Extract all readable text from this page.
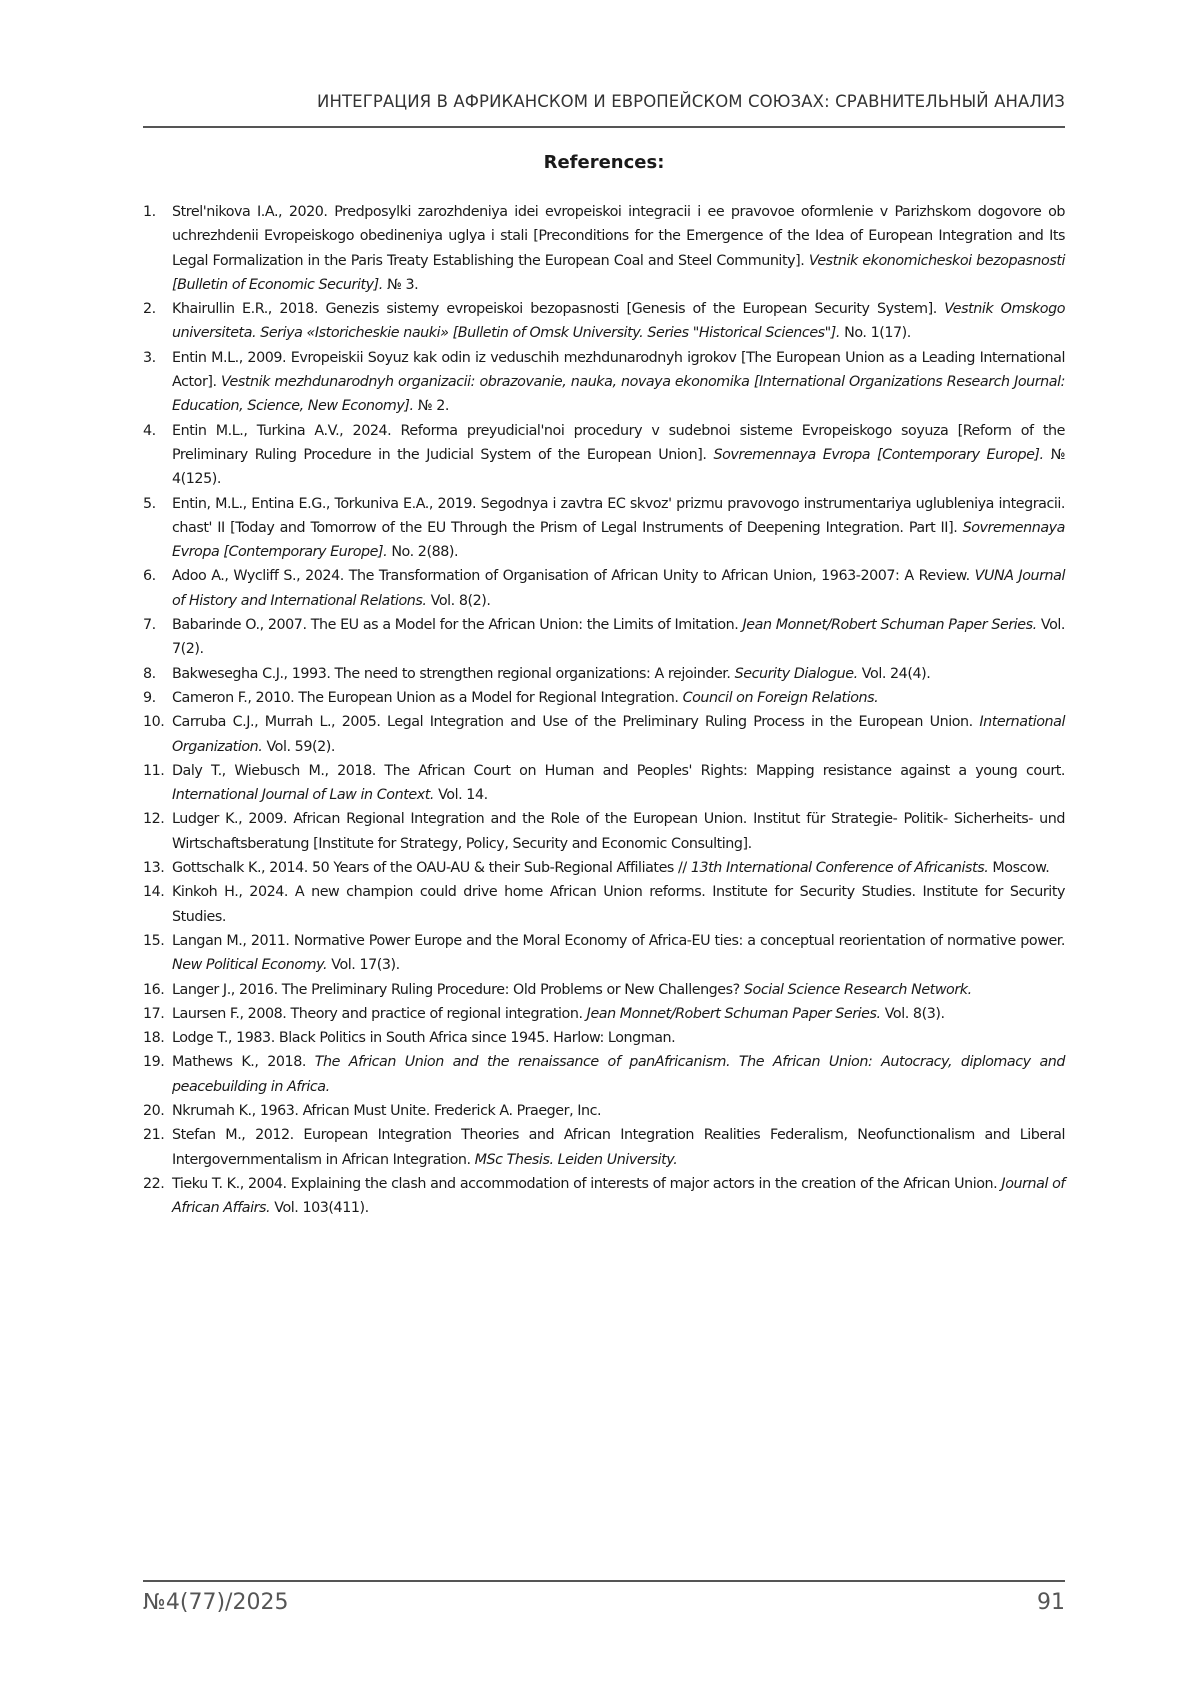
ИНТЕГРАЦИЯ В АФРИКАНСКОМ И ЕВРОПЕЙСКОМ СОЮЗАХ: СРАВНИТЕЛЬНЫЙ АНАЛИЗ
References:
1. Strel'nikova I.A., 2020. Predposylki zarozhdeniya idei evropeiskoi integracii i ee pravovoe oformlenie v Parizhskom dogovore ob uchrezhdenii Evropeiskogo obedineniya uglya i stali [Preconditions for the Emergence of the Idea of European Integration and Its Legal Formalization in the Paris Treaty Establishing the European Coal and Steel Community]. Vestnik ekonomicheskoi bezopasnosti [Bulletin of Economic Security]. № 3.
2. Khairullin E.R., 2018. Genezis sistemy evropeiskoi bezopasnosti [Genesis of the European Security System]. Vestnik Omskogo universiteta. Seriya «Istoricheskie nauki» [Bulletin of Omsk University. Series "Historical Sciences"]. No. 1(17).
3. Entin M.L., 2009. Evropeiskii Soyuz kak odin iz veduschih mezhdunarodnyh igrokov [The European Union as a Leading International Actor]. Vestnik mezhdunarodnyh organizacii: obrazovanie, nauka, novaya ekonomika [International Organizations Research Journal: Education, Science, New Economy]. № 2.
4. Entin M.L., Turkina A.V., 2024. Reforma preyudicial'noi procedury v sudebnoi sisteme Evropeiskogo soyuza [Reform of the Preliminary Ruling Procedure in the Judicial System of the European Union]. Sovremennaya Evropa [Contemporary Europe]. № 4(125).
5. Entin, M.L., Entina E.G., Torkuniva E.A., 2019. Segodnya i zavtra EC skvoz' prizmu pravovogo instrumentariya uglubleniya integracii. chast' II [Today and Tomorrow of the EU Through the Prism of Legal Instruments of Deepening Integration. Part II]. Sovremennaya Evropa [Contemporary Europe]. No. 2(88).
6. Adoo A., Wycliff S., 2024. The Transformation of Organisation of African Unity to African Union, 1963-2007: A Review. VUNA Journal of History and International Relations. Vol. 8(2).
7. Babarinde O., 2007. The EU as a Model for the African Union: the Limits of Imitation. Jean Monnet/Robert Schuman Paper Series. Vol. 7(2).
8. Bakwesegha C.J., 1993. The need to strengthen regional organizations: A rejoinder. Security Dialogue. Vol. 24(4).
9. Cameron F., 2010. The European Union as a Model for Regional Integration. Council on Foreign Relations.
10. Carruba C.J., Murrah L., 2005. Legal Integration and Use of the Preliminary Ruling Process in the European Union. International Organization. Vol. 59(2).
11. Daly T., Wiebusch M., 2018. The African Court on Human and Peoples' Rights: Mapping resistance against a young court. International Journal of Law in Context. Vol. 14.
12. Ludger K., 2009. African Regional Integration and the Role of the European Union. Institut für Strategie- Politik- Sicherheits- und Wirtschaftsberatung [Institute for Strategy, Policy, Security and Economic Consulting].
13. Gottschalk K., 2014. 50 Years of the OAU-AU & their Sub-Regional Affiliates // 13th International Conference of Africanists. Moscow.
14. Kinkoh H., 2024. A new champion could drive home African Union reforms. Institute for Security Studies. Institute for Security Studies.
15. Langan M., 2011. Normative Power Europe and the Moral Economy of Africa-EU ties: a conceptual reorientation of normative power. New Political Economy. Vol. 17(3).
16. Langer J., 2016. The Preliminary Ruling Procedure: Old Problems or New Challenges? Social Science Research Network.
17. Laursen F., 2008. Theory and practice of regional integration. Jean Monnet/Robert Schuman Paper Series. Vol. 8(3).
18. Lodge T., 1983. Black Politics in South Africa since 1945. Harlow: Longman.
19. Mathews K., 2018. The African Union and the renaissance of panAfricanism. The African Union: Autocracy, diplomacy and peacebuilding in Africa.
20. Nkrumah K., 1963. African Must Unite. Frederick A. Praeger, Inc.
21. Stefan M., 2012. European Integration Theories and African Integration Realities Federalism, Neofunctionalism and Liberal Intergovernmentalism in African Integration. MSc Thesis. Leiden University.
22. Tieku T. K., 2004. Explaining the clash and accommodation of interests of major actors in the creation of the African Union. Journal of African Affairs. Vol. 103(411).
№4(77)/2025	91
